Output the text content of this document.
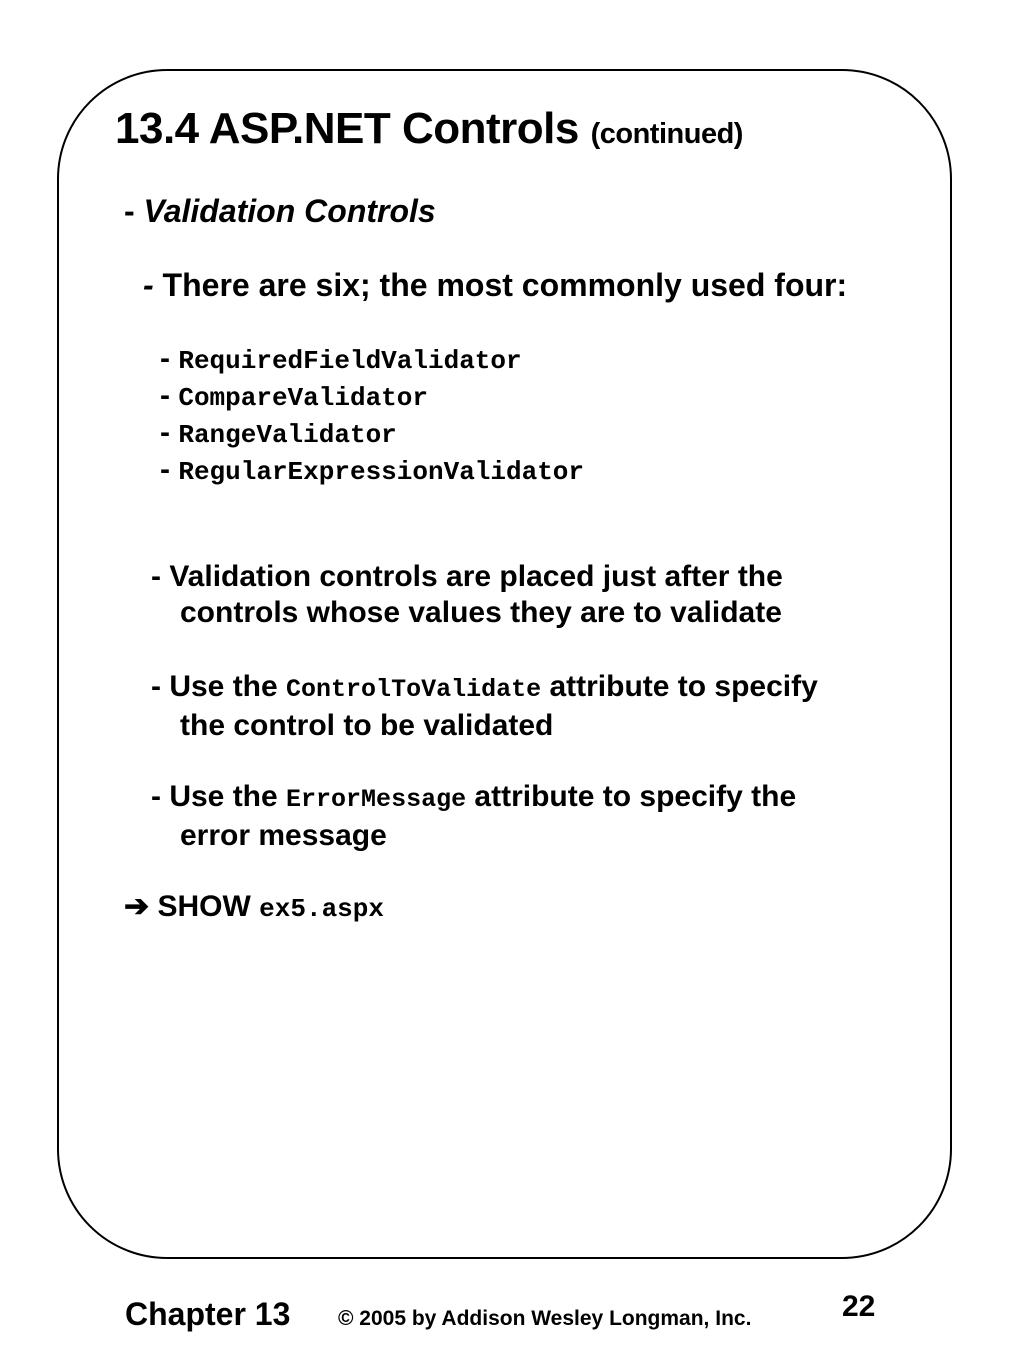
13.4 ASP.NET Controls (continued)
- Validation Controls
- There are six; the most commonly used four:
- RequiredFieldValidator
- CompareValidator
- RangeValidator
- RegularExpressionValidator
- Validation controls are placed just after the
controls whose values they are to validate
- Use the ControlToValidate attribute to specify
the control to be validated
- Use the ErrorMessage attribute to specify the
error message
➔ SHOW ex5.aspx
Chapter 13 © 2005 by Addison Wesley Longman, Inc.	22
